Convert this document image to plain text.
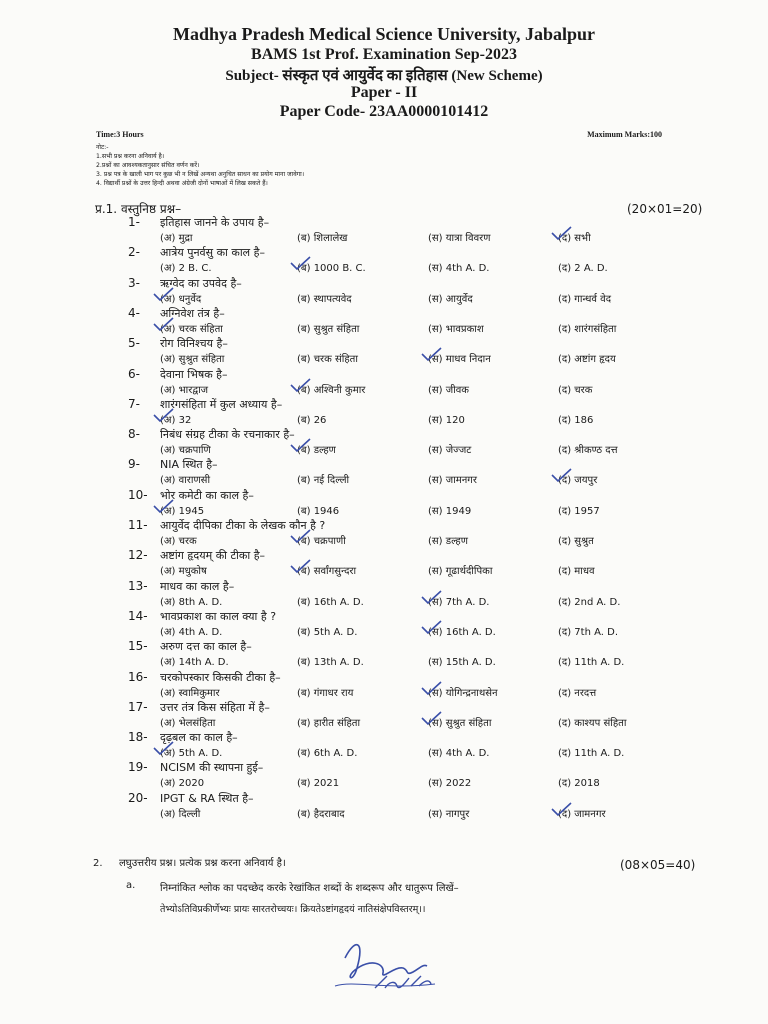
Madhya Pradesh Medical Science University, Jabalpur
BAMS 1st Prof. Examination Sep-2023
Subject- संस्कृत एवं आयुर्वेद का इतिहास (New Scheme)
Paper - II
Paper Code- 23AA0000101412
Time:3 Hours	Maximum Marks:100
नोट:-
1.सभी प्रश्न करना अनिवार्य है।
2.प्रश्नों का आवश्यकतानुसार संचित वर्णन करें।
3. प्रश्न पत्र के खाली भाग पर कुछ भी न लिखें अन्यथा अनुचित साधन का प्रयोग माना जावेगा।
4. विद्यार्थी प्रश्नों के उत्तर हिन्दी अथवा अंग्रेजी दोनों भाषाओं में लिख सकते हैं।
प्र.1. वस्तुनिष्ठ प्रश्न–	(20×01=20)
1- इतिहास जानने के उपाय है–
(अ) मुद्रा	(ब) शिलालेख	(स) यात्रा विवरण	(द) सभी
2- आत्रेय पुनर्वसु का काल है–
(अ) 2 B. C.	(ब) 1000 B. C.	(स) 4th A. D.	(द) 2 A. D.
3- ऋग्वेद का उपवेद है–
(अ) धनुर्वेद	(ब) स्थापत्यवेद	(स) आयुर्वेद	(द) गान्धर्व वेद
4- अग्निवेश तंत्र है–
(अ) चरक संहिता	(ब) सुश्रुत संहिता	(स) भावप्रकाश	(द) शारंगसंहिता
5- रोग विनिश्चय है–
(अ) सुश्रुत संहिता	(ब) चरक संहिता	(स) माधव निदान	(द) अष्टांग हृदय
6- देवाना भिषक है–
(अ) भारद्वाज	(ब) अश्विनी कुमार	(स) जीवक	(द) चरक
7- शारंगसंहिता में कुल अध्याय है–
(अ) 32	(ब) 26	(स) 120	(द) 186
8- निबंध संग्रह टीका के रचनाकार है–
(अ) चक्रपाणि	(ब) डल्हण	(स) जेज्जट	(द) श्रीकण्ठ दत्त
9- NIA स्थित है–
(अ) वाराणसी	(ब) नई दिल्ली	(स) जामनगर	(द) जयपुर
10- भोर कमेटी का काल है–
(अ) 1945	(ब) 1946	(स) 1949	(द) 1957
11- आयुर्वेद दीपिका टीका के लेखक कौन है ?
(अ) चरक	(ब) चक्रपाणी	(स) डल्हण	(द) सुश्रुत
12- अष्टांग हृदयम् की टीका है–
(अ) मधुकोष	(ब) सर्वांगसुन्दरा	(स) गूढार्थदीपिका	(द) माधव
13- माधव का काल है–
(अ) 8th A. D.	(ब) 16th A. D.	(स) 7th A. D.	(द) 2nd A. D.
14- भावप्रकाश का काल क्या है ?
(अ) 4th A. D.	(ब) 5th A. D.	(स) 16th A. D.	(द) 7th A. D.
15- अरुण दत्त का काल है–
(अ) 14th A. D.	(ब) 13th A. D.	(स) 15th A. D.	(द) 11th A. D.
16- चरकोपस्कार किसकी टीका है–
(अ) स्वामिकुमार	(ब) गंगाधर राय	(स) योगिन्द्रनाथसेन	(द) नरदत्त
17- उत्तर तंत्र किस संहिता में है–
(अ) भेलसंहिता	(ब) हारीत संहिता	(स) सुश्रुत संहिता	(द) काश्यप संहिता
18- दृढ़बल का काल है–
(अ) 5th A. D.	(ब) 6th A. D.	(स) 4th A. D.	(द) 11th A. D.
19- NCISM की स्थापना हुई–
(अ) 2020	(ब) 2021	(स) 2022	(द) 2018
20- IPGT & RA स्थित है–
(अ) दिल्ली	(ब) हैदराबाद	(स) नागपुर	(द) जामनगर
2. लघुउत्तरीय प्रश्न। प्रत्येक प्रश्न करना अनिवार्य है।	(08×05=40)
a. निम्नांकित श्लोक का पदच्छेद करके रेखांकित शब्दों के शब्दरूप और धातुरूप लिखें–
तेभ्योऽतिविप्रकीर्णेभ्यः प्रायः सारतरोच्चयः। क्रियतेऽष्टांगहृदयं नातिसंक्षेपविस्तरम्।।
